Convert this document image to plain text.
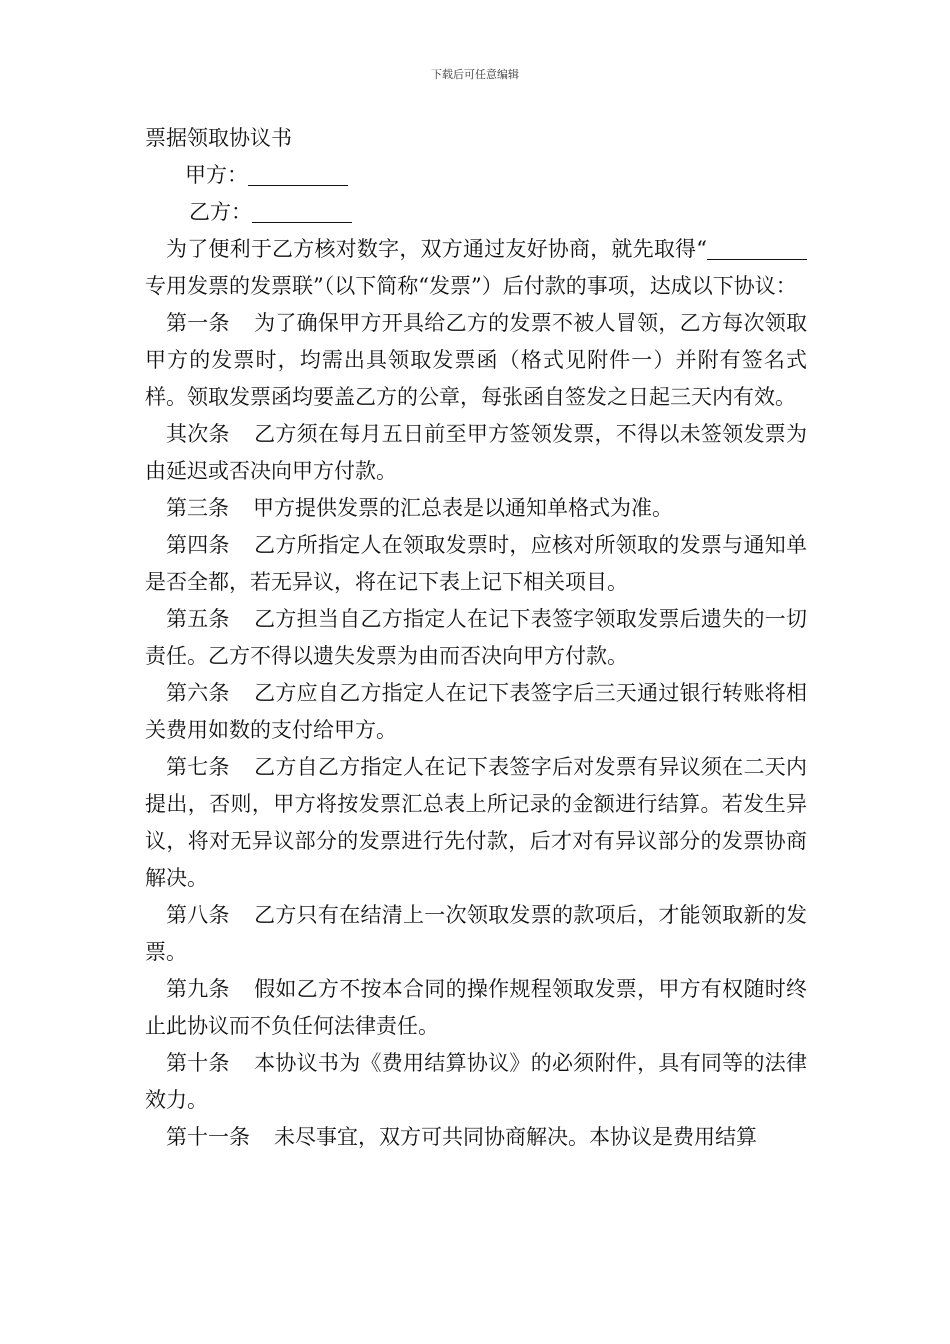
下载后可任意编辑

票据领取协议书

甲方：

乙方：

为了便利于乙方核对数字，双方通过友好协商，就先取得“专用发票的发票联”（以下简称“发票”）后付款的事项，达成以下协议：

第一条 为了确保甲方开具给乙方的发票不被人冒领，乙方每次领取甲方的发票时，均需出具领取发票函（格式见附件一）并附有签名式样。领取发票函均要盖乙方的公章，每张函自签发之日起三天内有效。

其次条 乙方须在每月五日前至甲方签领发票，不得以未签领发票为由延迟或否决向甲方付款。

第三条 甲方提供发票的汇总表是以通知单格式为准。

第四条 乙方所指定人在领取发票时，应核对所领取的发票与通知单是否全都，若无异议，将在记下表上记下相关项目。

第五条 乙方担当自乙方指定人在记下表签字领取发票后遗失的一切责任。乙方不得以遗失发票为由而否决向甲方付款。

第六条 乙方应自乙方指定人在记下表签字后三天通过银行转账将相关费用如数的支付给甲方。

第七条 乙方自乙方指定人在记下表签字后对发票有异议须在二天内提出，否则，甲方将按发票汇总表上所记录的金额进行结算。若发生异议，将对无异议部分的发票进行先付款，后才对有异议部分的发票协商解决。

第八条 乙方只有在结清上一次领取发票的款项后，才能领取新的发票。

第九条 假如乙方不按本合同的操作规程领取发票，甲方有权随时终止此协议而不负任何法律责任。

第十条 本协议书为《费用结算协议》的必须附件，具有同等的法律效力。

第十一条 未尽事宜，双方可共同协商解决。本协议是费用结算
